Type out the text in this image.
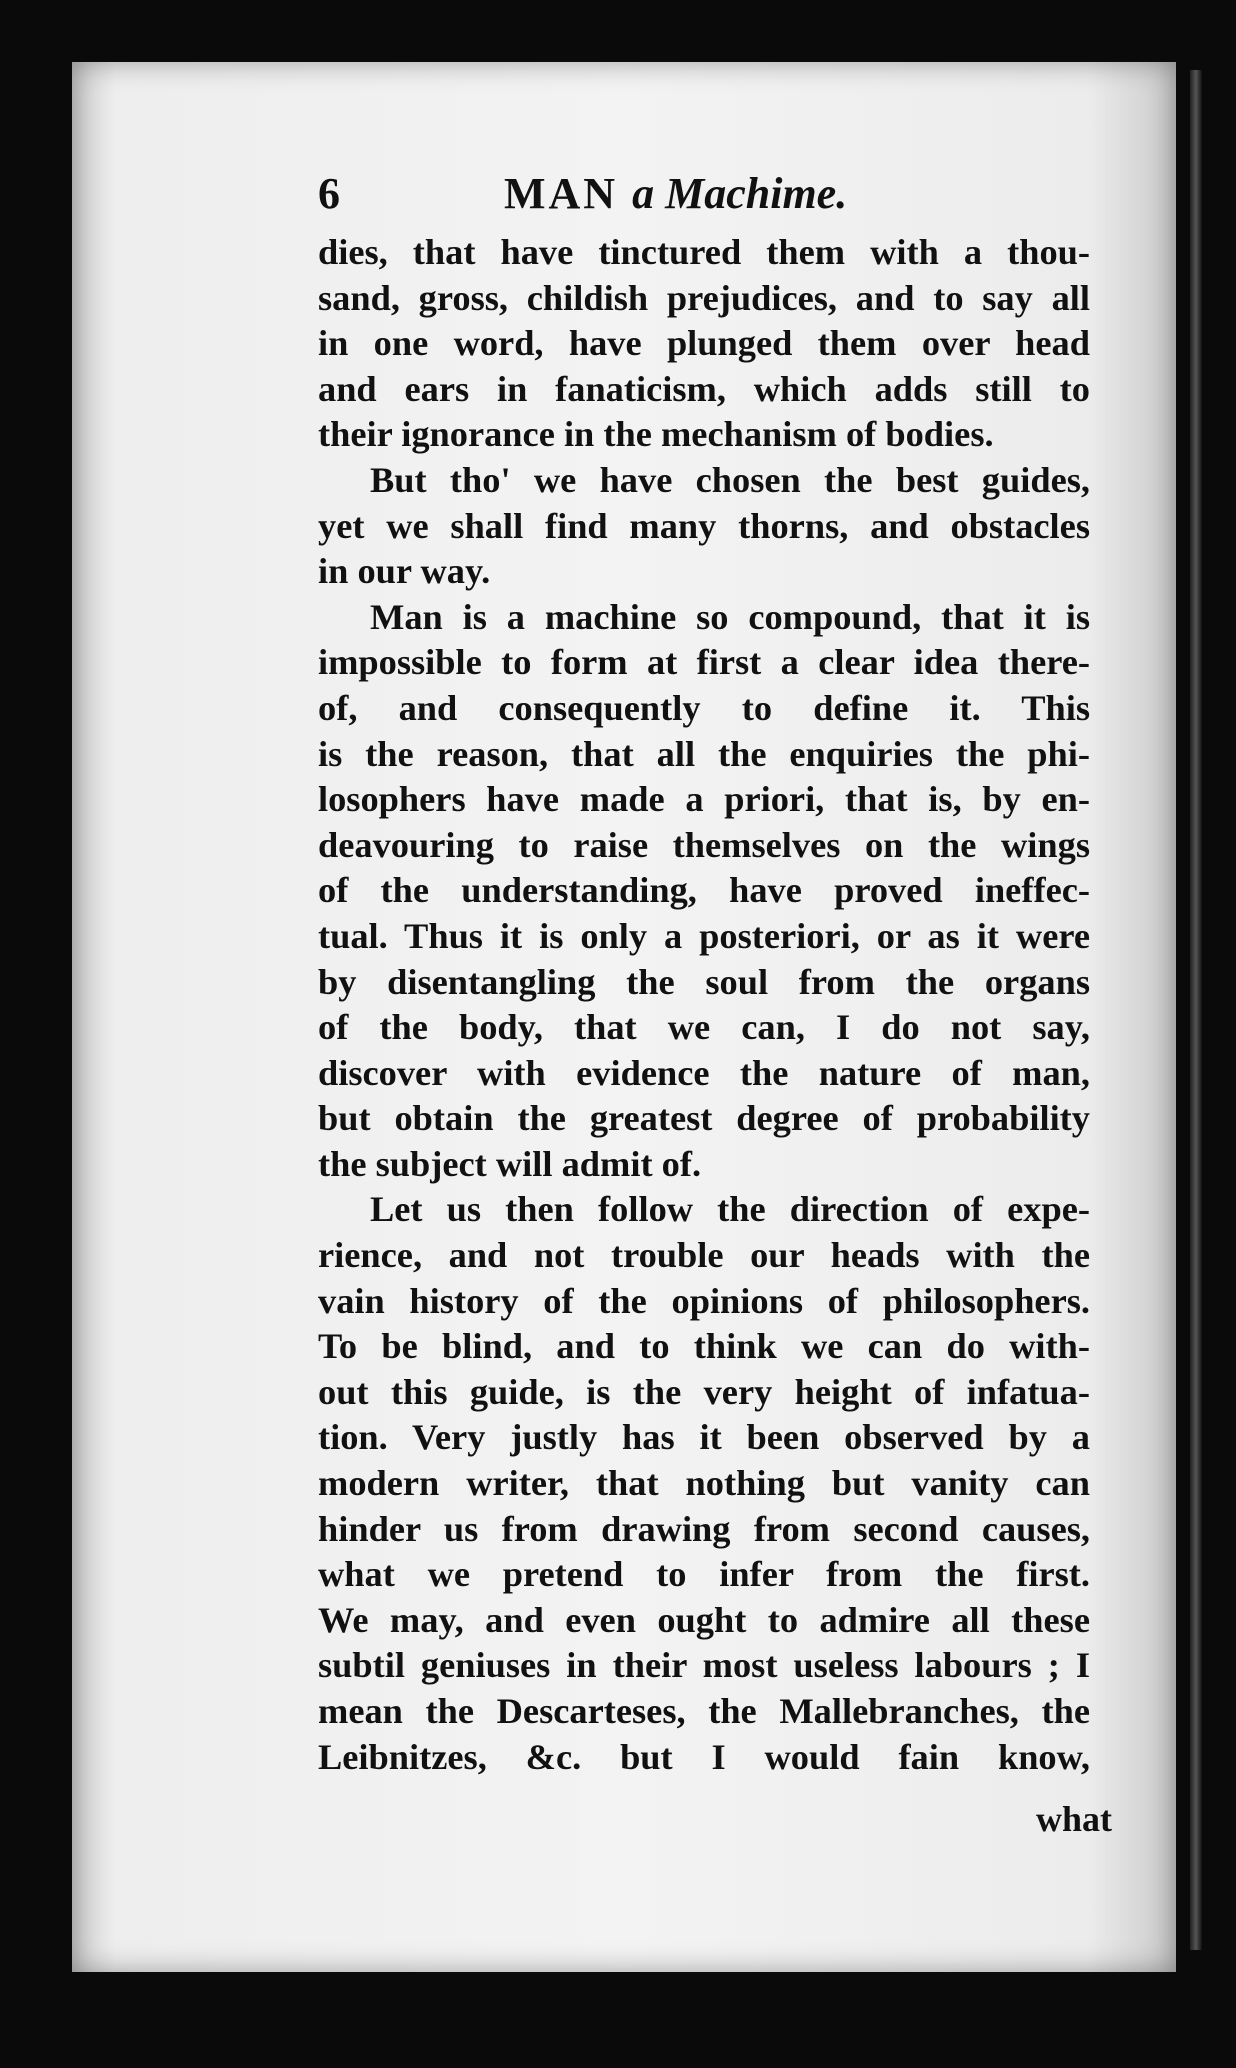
6	MAN a Machime.
dies, that have tinctured them with a thou-
sand, gross, childish prejudices, and to say all
in one word, have plunged them over head
and ears in fanaticism, which adds still to
their ignorance in the mechanism of bodies.
But tho' we have chosen the best guides,
yet we shall find many thorns, and obstacles
in our way.
Man is a machine so compound, that it is
impossible to form at first a clear idea there-
of, and consequently to define it. This
is the reason, that all the enquiries the phi-
losophers have made a priori, that is, by en-
deavouring to raise themselves on the wings
of the understanding, have proved ineffec-
tual. Thus it is only a posteriori, or as it were
by disentangling the soul from the organs
of the body, that we can, I do not say,
discover with evidence the nature of man,
but obtain the greatest degree of probability
the subject will admit of.
Let us then follow the direction of expe-
rience, and not trouble our heads with the
vain history of the opinions of philosophers.
To be blind, and to think we can do with-
out this guide, is the very height of infatua-
tion. Very justly has it been observed by a
modern writer, that nothing but vanity can
hinder us from drawing from second causes,
what we pretend to infer from the first.
We may, and even ought to admire all these
subtil geniuses in their most useless labours ; I
mean the Descarteses, the Mallebranches, the
Leibnitzes, &c. but I would fain know,
what
